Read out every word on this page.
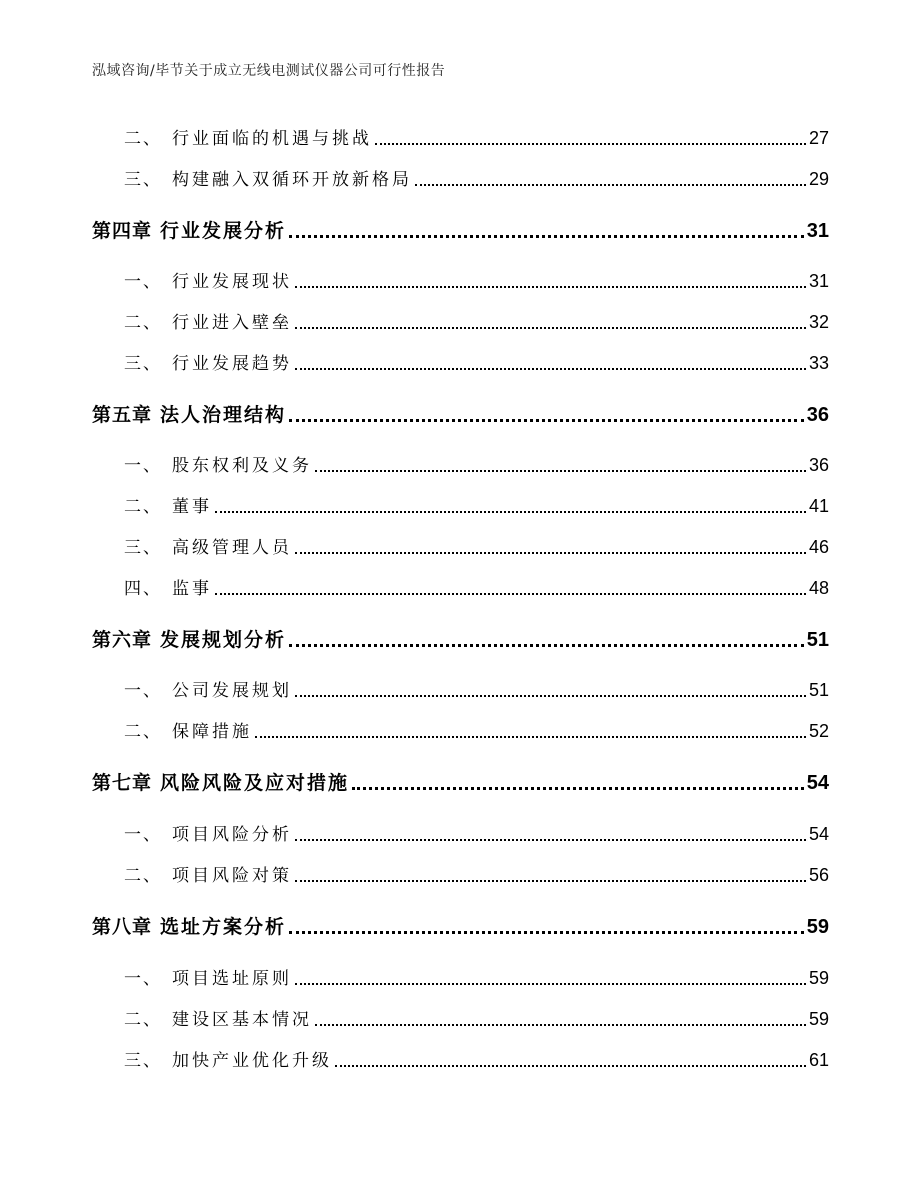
泓域咨询/毕节关于成立无线电测试仪器公司可行性报告
二、 行业面临的机遇与挑战	27
三、 构建融入双循环开放新格局	29
第四章 行业发展分析	31
一、 行业发展现状	31
二、 行业进入壁垒	32
三、 行业发展趋势	33
第五章 法人治理结构	36
一、 股东权利及义务	36
二、 董事	41
三、 高级管理人员	46
四、 监事	48
第六章 发展规划分析	51
一、 公司发展规划	51
二、 保障措施	52
第七章 风险风险及应对措施	54
一、 项目风险分析	54
二、 项目风险对策	56
第八章 选址方案分析	59
一、 项目选址原则	59
二、 建设区基本情况	59
三、 加快产业优化升级	61
